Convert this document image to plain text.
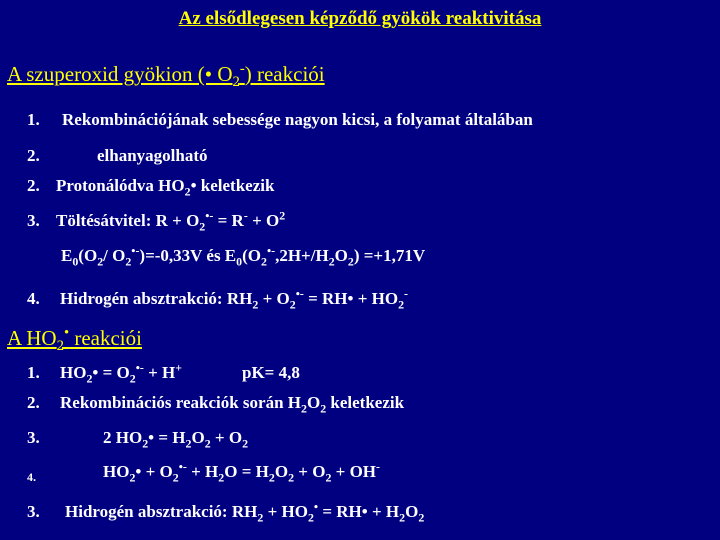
Az elsődlegesen képződő gyökök reaktivitása
A szuperoxid gyökion (• $O_2^-$) reakciói
1. Rekombinációjának sebessége nagyon kicsi, a folyamat általában
2.	elhanyagolható
2. Protonálódva $HO_2•$ keletkezik
3. Töltésátvitel: $R + O_2^{•-} = R^- + O^2$
$E_0(O_2/$ $O_2^{•-})=-0,33V$ és $E_0(O_2^{•-},2H+/H_2O_2) =+1,71V$
4. Hidrogén absztrakció: $RH_2 + O_2^{•-}$ = RH• + $HO_2^-$
A $HO_2^•$ reakciói
1. $HO_2• = O_2^{•-} + H^+$	pK= 4,8
2. Rekombinációs reakciók során $H_2O_2$ keletkezik
3.	2 $HO_2• = H_2O_2 + O_2$
4.	$HO_2• + O_2^{•-} + H_2O = H_2O_2 + O_2 + OH^-$
3. Hidrogén absztrakció: $RH_2 + HO_2^•$ = RH• + $H_2O_2$
